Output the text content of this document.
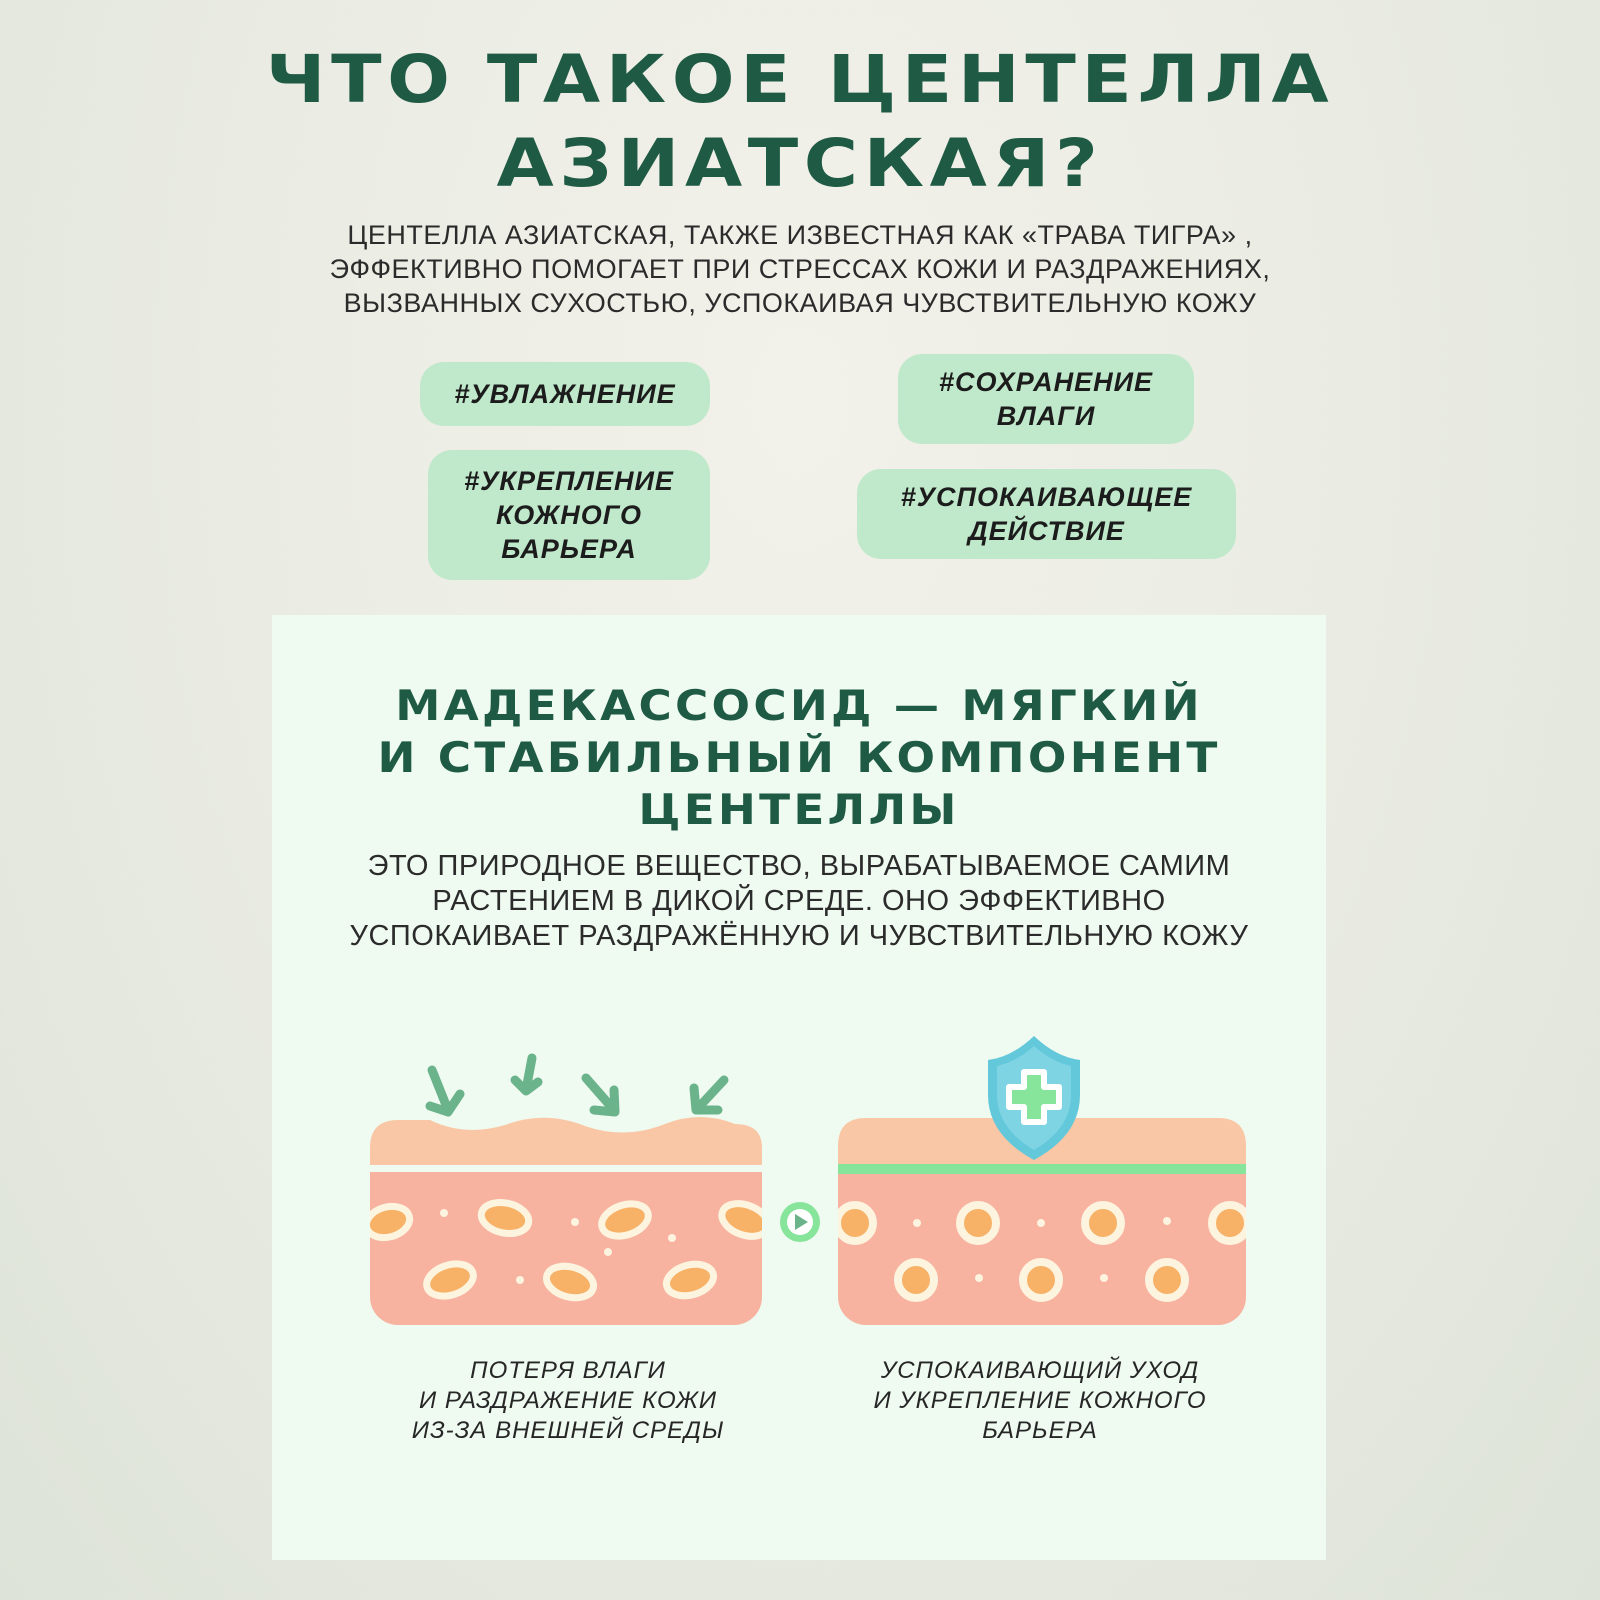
ЧТО ТАКОЕ ЦЕНТЕЛЛА
АЗИАТСКАЯ?
ЦЕНТЕЛЛА АЗИАТСКАЯ, ТАКЖЕ ИЗВЕСТНАЯ КАК «ТРАВА ТИГРА» ,
ЭФФЕКТИВНО ПОМОГАЕТ ПРИ СТРЕССАХ КОЖИ И РАЗДРАЖЕНИЯХ,
ВЫЗВАННЫХ СУХОСТЬЮ, УСПОКАИВАЯ ЧУВСТВИТЕЛЬНУЮ КОЖУ
#УВЛАЖНЕНИЕ	#СОХРАНЕНИЕ
ВЛАГИ
#УКРЕПЛЕНИЕ
КОЖНОГО
БАРЬЕРА
#УСПОКАИВАЮЩЕЕ
ДЕЙСТВИЕ
МАДЕКАССОСИД — МЯГКИЙ
И СТАБИЛЬНЫЙ КОМПОНЕНТ
ЦЕНТЕЛЛЫ
ЭТО ПРИРОДНОЕ ВЕЩЕСТВО, ВЫРАБАТЫВАЕМОЕ САМИМ
РАСТЕНИЕМ В ДИКОЙ СРЕДЕ. ОНО ЭФФЕКТИВНО
УСПОКАИВАЕТ РАЗДРАЖЁННУЮ И ЧУВСТВИТЕЛЬНУЮ КОЖУ
ПОТЕРЯ ВЛАГИ
И РАЗДРАЖЕНИЕ КОЖИ
ИЗ-ЗА ВНЕШНЕЙ СРЕДЫ
УСПОКАИВАЮЩИЙ УХОД
И УКРЕПЛЕНИЕ КОЖНОГО
БАРЬЕРА
